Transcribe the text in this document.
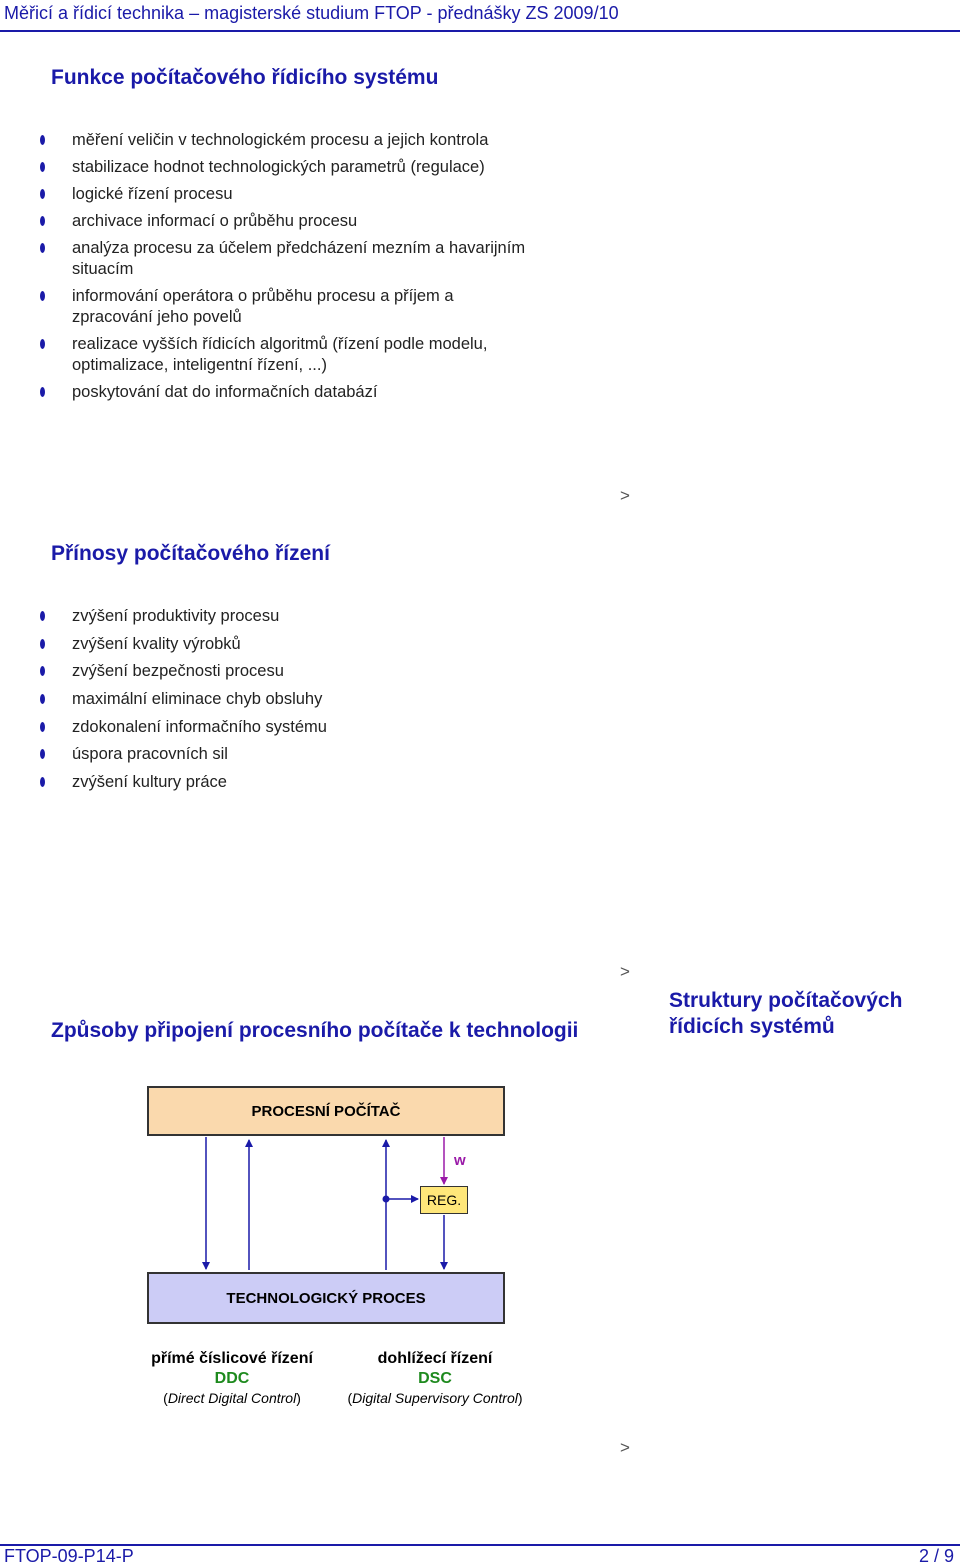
Měřicí a řídicí technika – magisterské studium FTOP - přednášky ZS 2009/10
Funkce počítačového řídicího systému
měření veličin v technologickém procesu a jejich kontrola
stabilizace hodnot technologických parametrů (regulace)
logické řízení procesu
archivace informací o průběhu procesu
analýza procesu za účelem předcházení mezním a havarijním situacím
informování operátora o průběhu procesu a příjem a zpracování jeho povelů
realizace vyšších řídicích algoritmů (řízení podle modelu, optimalizace, inteligentní řízení, ...)
poskytování dat do informačních databází
>
Přínosy počítačového řízení
zvýšení produktivity procesu
zvýšení kvality výrobků
zvýšení bezpečnosti procesu
maximální eliminace chyb obsluhy
zdokonalení informačního systému
úspora pracovních sil
zvýšení kultury práce
>
Způsoby připojení procesního počítače k technologii
Struktury počítačových řídicích systémů
PROCESNÍ POČÍTAČ
w
REG.
TECHNOLOGICKÝ PROCES
přímé číslicové řízení
DDC
(Direct Digital Control)
dohlížecí řízení
DSC
(Digital Supervisory Control)
>
FTOP-09-P14-P	2 / 9
